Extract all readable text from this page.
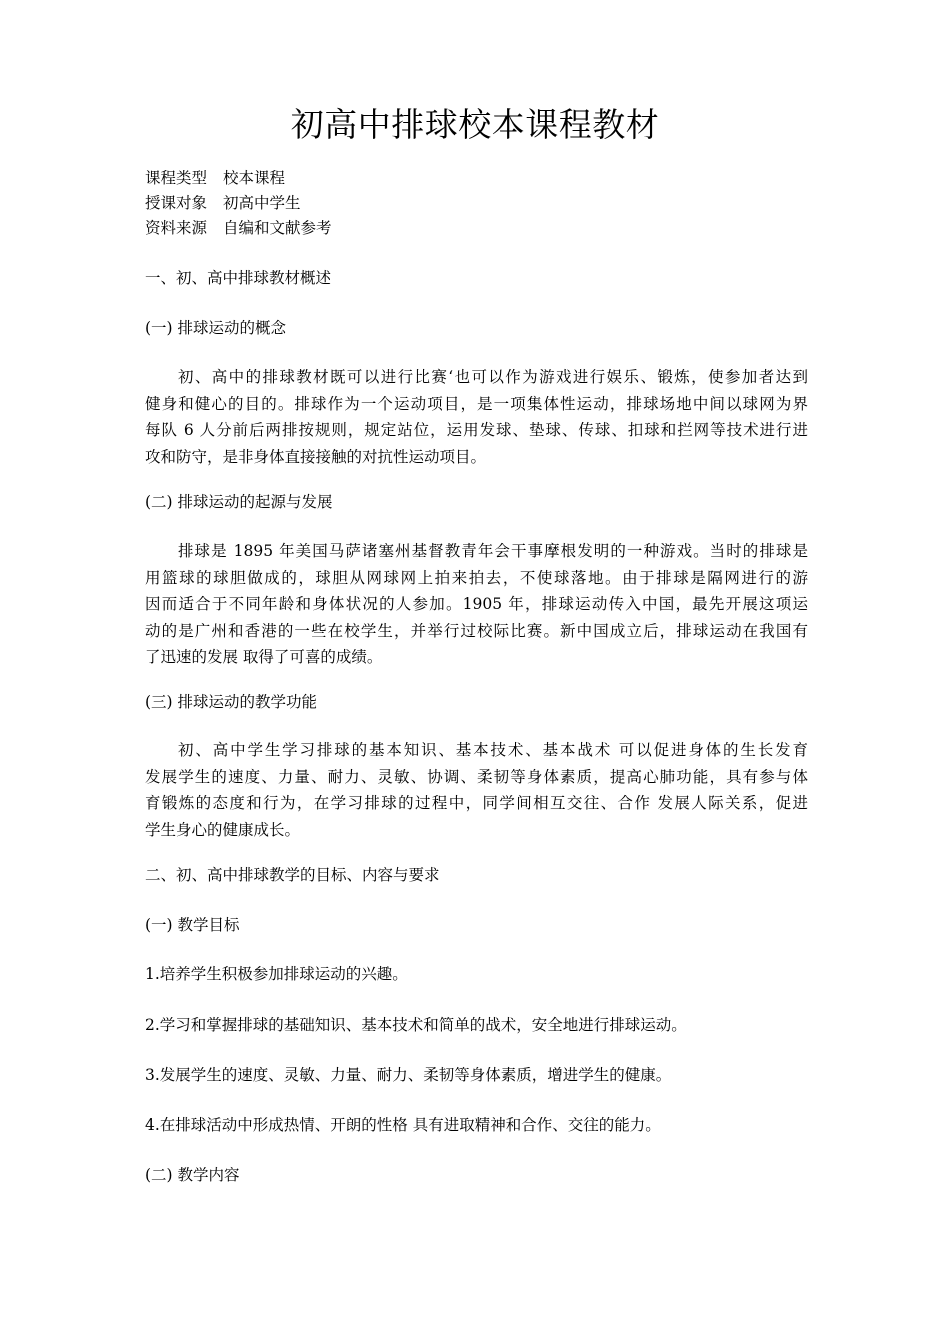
初高中排球校本课程教材
课程类型 校本课程
授课对象 初高中学生
资料来源 自编和文献参考

一、初、高中排球教材概述

(一) 排球运动的概念

初、高中的排球教材既可以进行比赛‘也可以作为游戏进行娱乐、锻炼，使参加者达到
健身和健心的目的。排球作为一个运动项目，是一项集体性运动，排球场地中间以球网为界
每队 6 人分前后两排按规则，规定站位，运用发球、垫球、传球、扣球和拦网等技术进行进
攻和防守，是非身体直接接触的对抗性运动项目。

(二) 排球运动的起源与发展

排球是 1895 年美国马萨诸塞州基督教青年会干事摩根发明的一种游戏。当时的排球是
用篮球的球胆做成的，球胆从网球网上拍来拍去，不使球落地。由于排球是隔网进行的游
因而适合于不同年龄和身体状况的人参加。1905 年，排球运动传入中国，最先开展这项运
动的是广州和香港的一些在校学生，并举行过校际比赛。新中国成立后，排球运动在我国有
了迅速的发展 取得了可喜的成绩。

(三) 排球运动的教学功能

初、高中学生学习排球的基本知识、基本技术、基本战术 可以促进身体的生长发育
发展学生的速度、力量、耐力、灵敏、协调、柔韧等身体素质，提高心肺功能，具有参与体
育锻炼的态度和行为，在学习排球的过程中，同学间相互交往、合作 发展人际关系，促进
学生身心的健康成长。

二、初、高中排球教学的目标、内容与要求

(一) 教学目标

1.培养学生积极参加排球运动的兴趣。

2.学习和掌握排球的基础知识、基本技术和简单的战术，安全地进行排球运动。

3.发展学生的速度、灵敏、力量、耐力、柔韧等身体素质，增进学生的健康。

4.在排球活动中形成热情、开朗的性格 具有进取精神和合作、交往的能力。

(二) 教学内容
